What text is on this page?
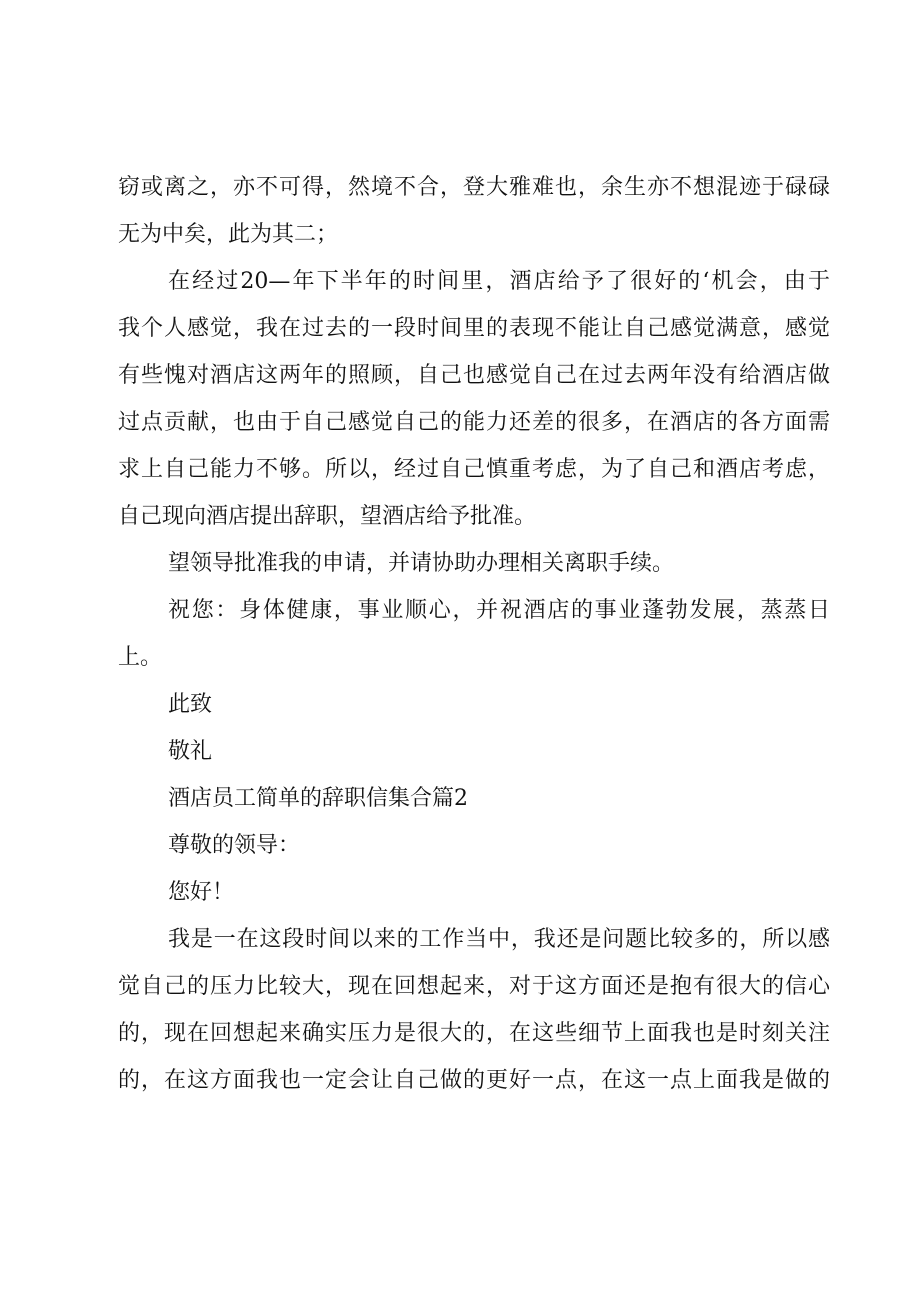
窃或离之，亦不可得，然境不合，登大雅难也，余生亦不想混迹于碌碌

无为中矣，此为其二；

在经过20—年下半年的时间里，酒店给予了很好的‘机会，由于

我个人感觉，我在过去的一段时间里的表现不能让自己感觉满意，感觉

有些愧对酒店这两年的照顾，自己也感觉自己在过去两年没有给酒店做

过点贡献，也由于自己感觉自己的能力还差的很多，在酒店的各方面需

求上自己能力不够。所以，经过自己慎重考虑，为了自己和酒店考虑，

自己现向酒店提出辞职，望酒店给予批准。

望领导批准我的申请，并请协助办理相关离职手续。

祝您：身体健康，事业顺心，并祝酒店的事业蓬勃发展，蒸蒸日

上。

此致

敬礼

酒店员工简单的辞职信集合篇2

尊敬的领导：

您好！

我是一在这段时间以来的工作当中，我还是问题比较多的，所以感

觉自己的压力比较大，现在回想起来，对于这方面还是抱有很大的信心

的，现在回想起来确实压力是很大的，在这些细节上面我也是时刻关注

的，在这方面我也一定会让自己做的更好一点，在这一点上面我是做的
